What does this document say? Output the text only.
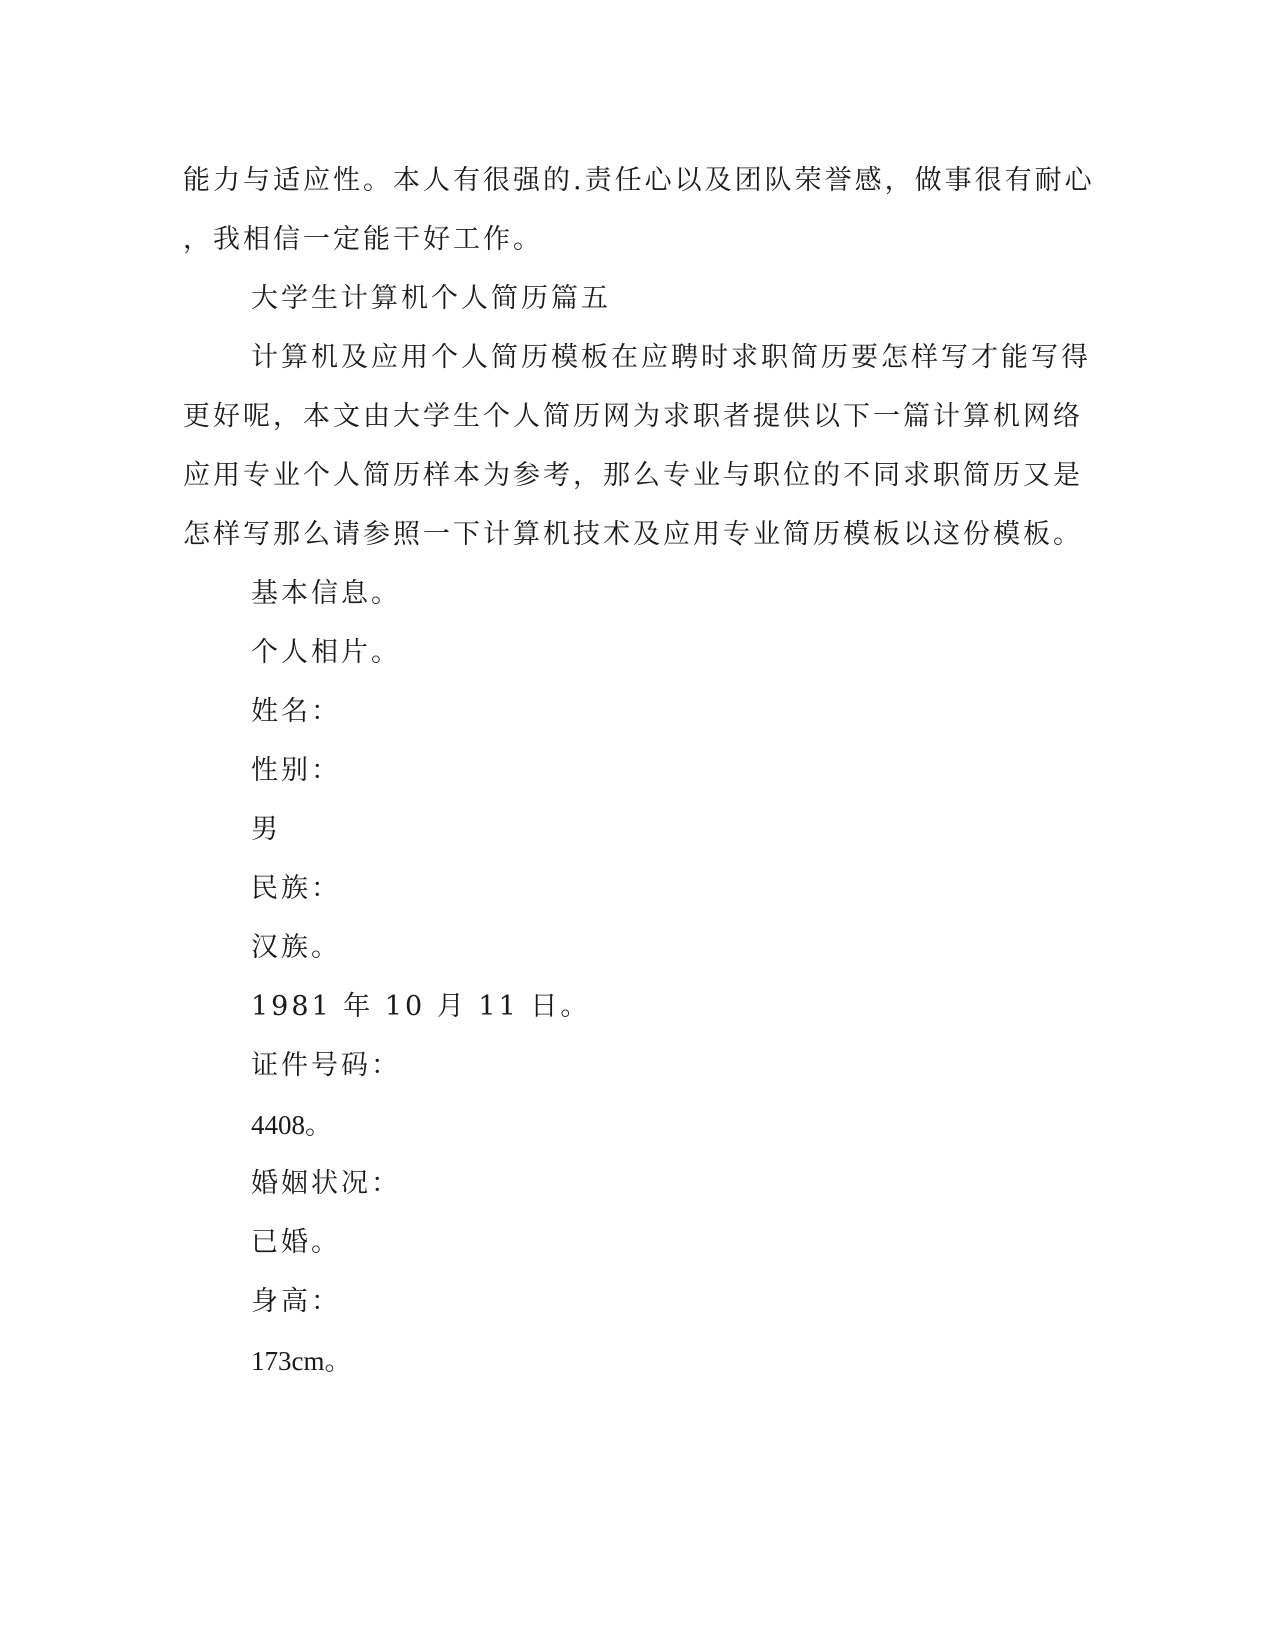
能力与适应性。本人有很强的.责任心以及团队荣誉感，做事很有耐心
，我相信一定能干好工作。
大学生计算机个人简历篇五
计算机及应用个人简历模板在应聘时求职简历要怎样写才能写得
更好呢，本文由大学生个人简历网为求职者提供以下一篇计算机网络
应用专业个人简历样本为参考，那么专业与职位的不同求职简历又是
怎样写那么请参照一下计算机技术及应用专业简历模板以这份模板。
基本信息。
个人相片。
姓名：
性别：
男
民族：
汉族。
1981 年 10 月 11 日。
证件号码：
4408。
婚姻状况：
已婚。
身高：
173cm。
